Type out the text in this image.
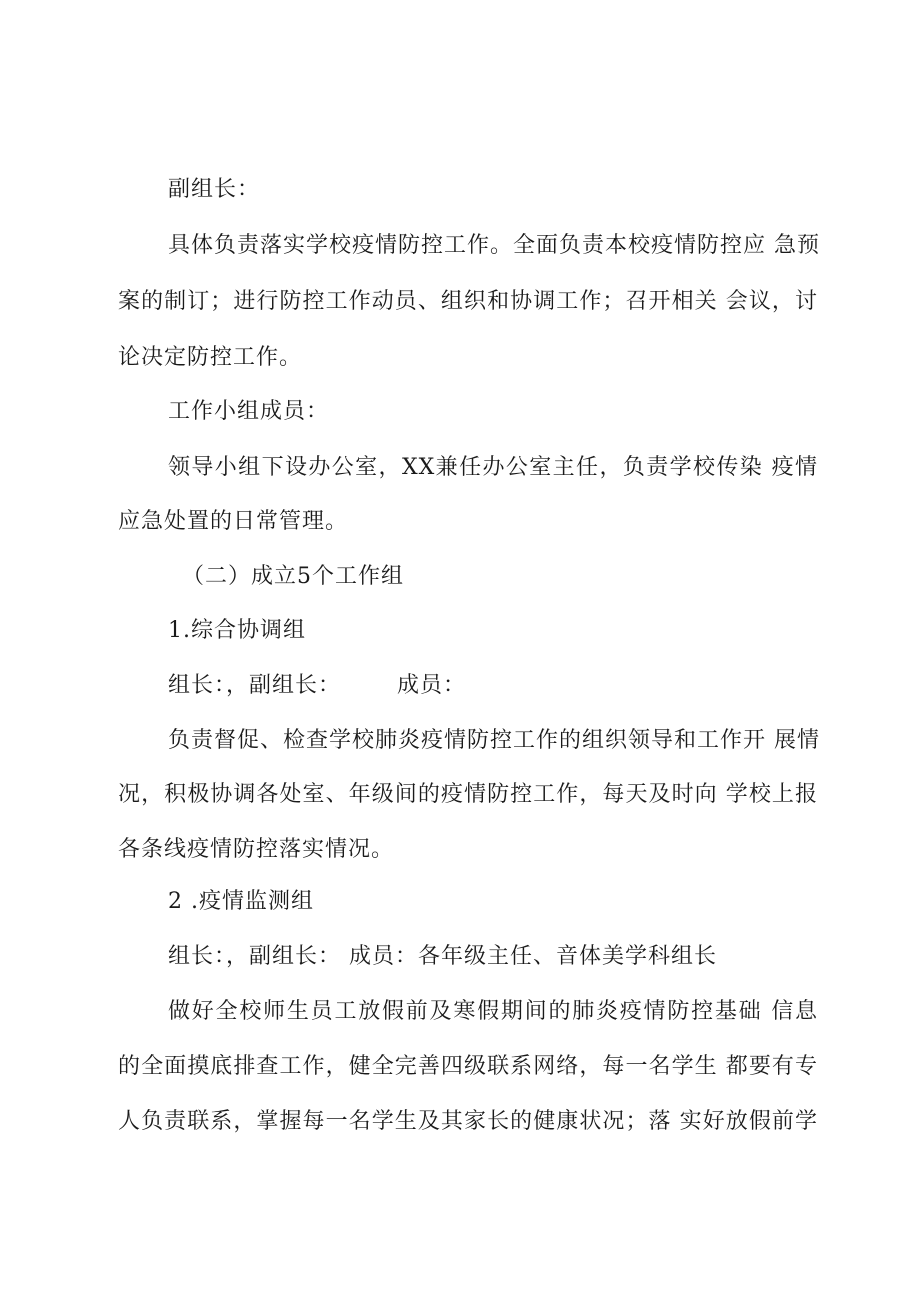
副组长：
具体负责落实学校疫情防控工作。全面负责本校疫情防控应 急预
案的制订；进行防控工作动员、组织和协调工作；召开相关 会议，讨
论决定防控工作。
工作小组成员：
领导小组下设办公室，XX兼任办公室主任，负责学校传染 疫情
应急处置的日常管理。
（二）成立5个工作组
1.综合协调组
组长：，副组长：       成员：
负责督促、检查学校肺炎疫情防控工作的组织领导和工作开 展情
况，积极协调各处室、年级间的疫情防控工作，每天及时向 学校上报
各条线疫情防控落实情况。
2 .疫情监测组
组长：，副组长： 成员：各年级主任、音体美学科组长
做好全校师生员工放假前及寒假期间的肺炎疫情防控基础 信息
的全面摸底排查工作，健全完善四级联系网络，每一名学生 都要有专
人负责联系，掌握每一名学生及其家长的健康状况；落 实好放假前学
